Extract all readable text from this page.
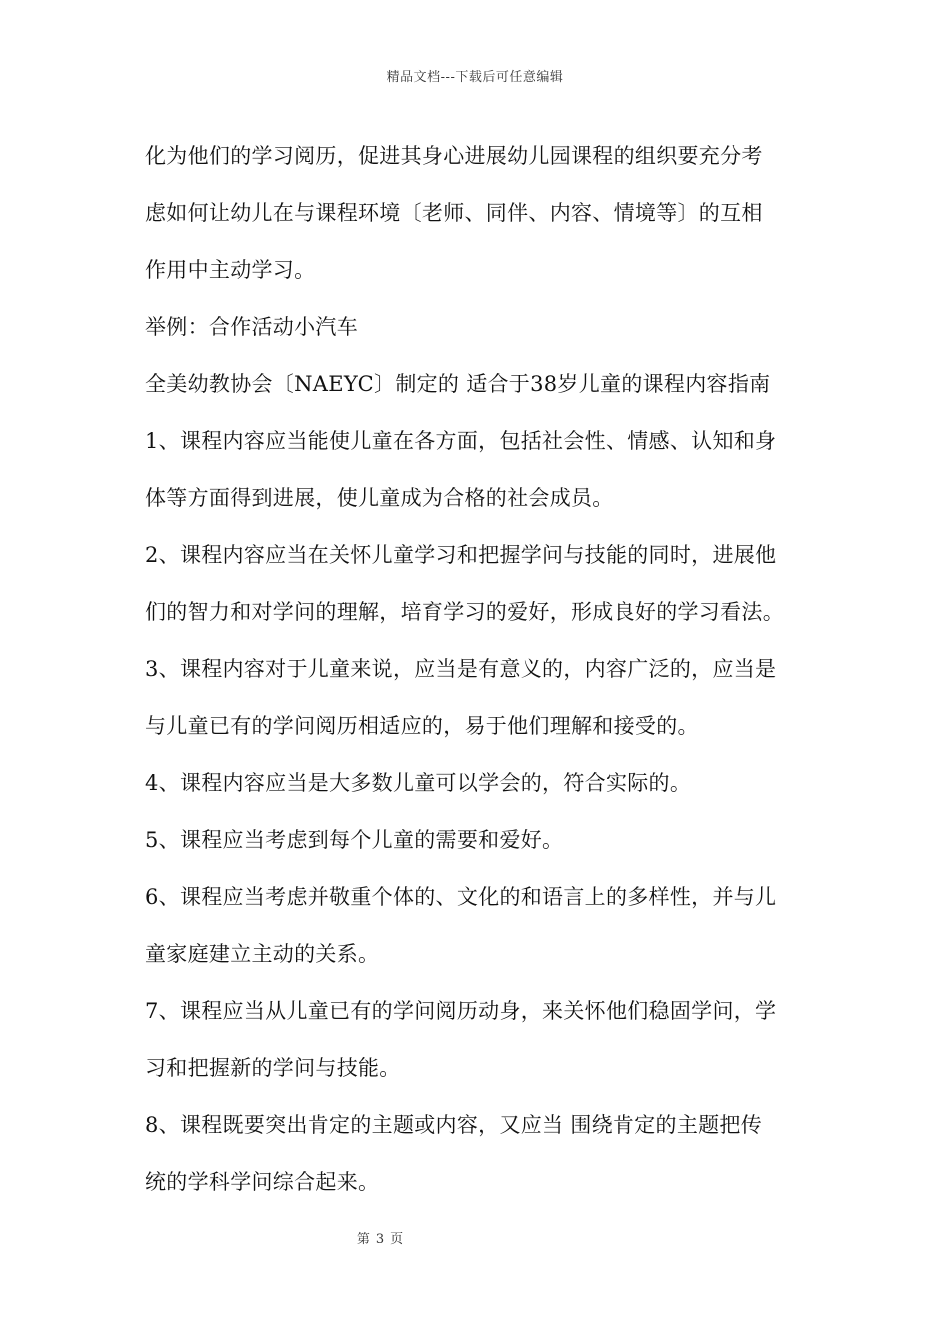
精品文档---下载后可任意编辑
化为他们的学习阅历，促进其身心进展幼儿园课程的组织要充分考
虑如何让幼儿在与课程环境〔老师、同伴、内容、情境等〕的互相
作用中主动学习。
举例：合作活动小汽车
全美幼教协会〔NAEYC〕制定的 适合于38岁儿童的课程内容指南
1、课程内容应当能使儿童在各方面，包括社会性、情感、认知和身
体等方面得到进展，使儿童成为合格的社会成员。
2、课程内容应当在关怀儿童学习和把握学问与技能的同时，进展他
们的智力和对学问的理解，培育学习的爱好，形成良好的学习看法。
3、课程内容对于儿童来说，应当是有意义的，内容广泛的，应当是
与儿童已有的学问阅历相适应的，易于他们理解和接受的。
4、课程内容应当是大多数儿童可以学会的，符合实际的。
5、课程应当考虑到每个儿童的需要和爱好。
6、课程应当考虑并敬重个体的、文化的和语言上的多样性，并与儿
童家庭建立主动的关系。
7、课程应当从儿童已有的学问阅历动身，来关怀他们稳固学问，学
习和把握新的学问与技能。
8、课程既要突出肯定的主题或内容，又应当 围绕肯定的主题把传
统的学科学问综合起来。
第 3 页
